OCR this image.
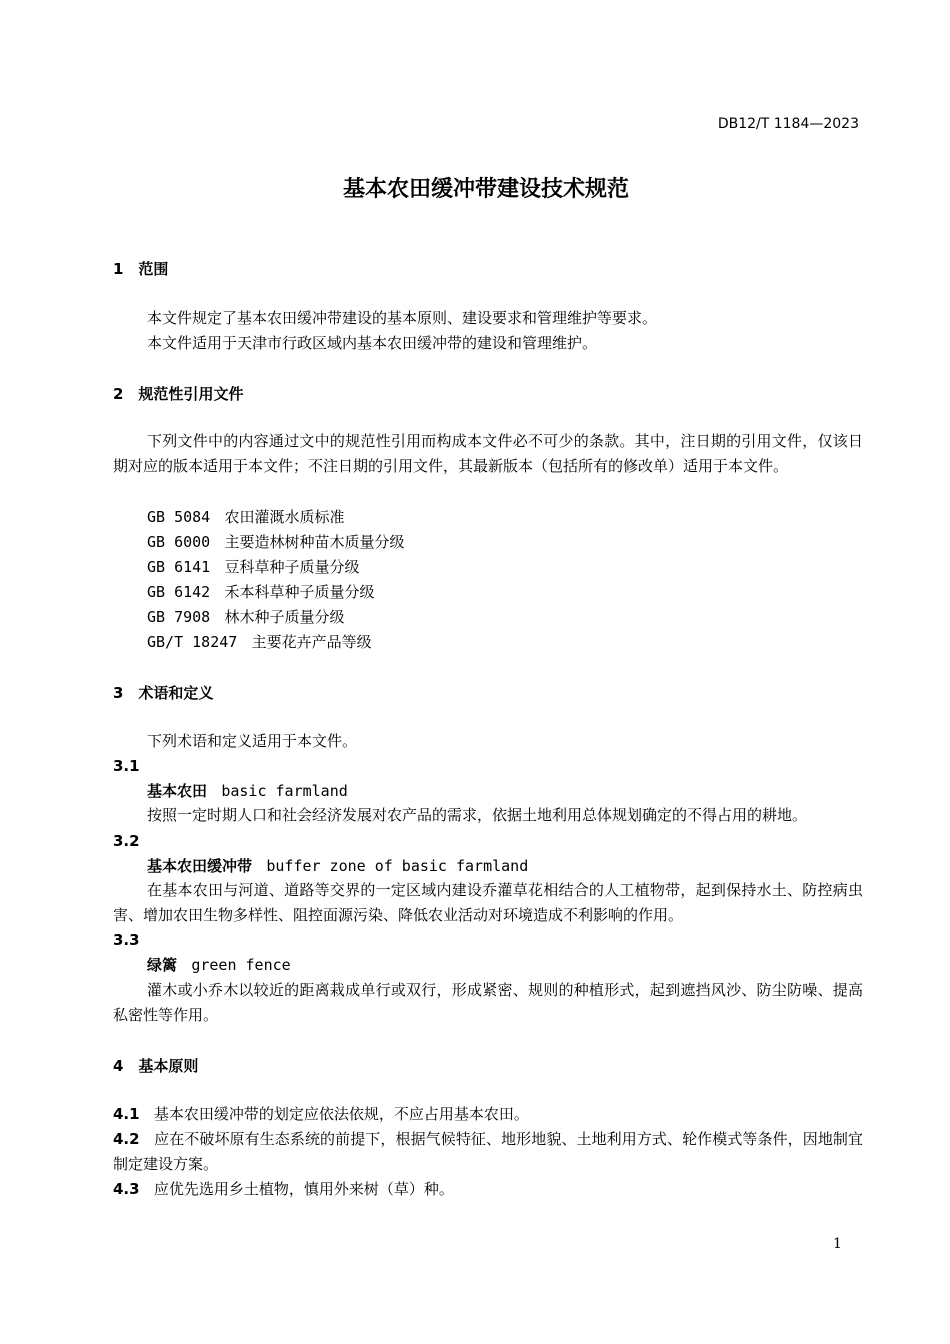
DB12/T 1184—2023
基本农田缓冲带建设技术规范
1　范围
本文件规定了基本农田缓冲带建设的基本原则、建设要求和管理维护等要求。
本文件适用于天津市行政区域内基本农田缓冲带的建设和管理维护。
2　规范性引用文件
下列文件中的内容通过文中的规范性引用而构成本文件必不可少的条款。其中，注日期的引用文件，仅该日期对应的版本适用于本文件；不注日期的引用文件，其最新版本（包括所有的修改单）适用于本文件。
GB 5084 农田灌溉水质标准
GB 6000 主要造林树种苗木质量分级
GB 6141 豆科草种子质量分级
GB 6142 禾本科草种子质量分级
GB 7908 林木种子质量分级
GB/T 18247 主要花卉产品等级
3　术语和定义
下列术语和定义适用于本文件。
3.1
基本农田 basic farmland
按照一定时期人口和社会经济发展对农产品的需求，依据土地利用总体规划确定的不得占用的耕地。
3.2
基本农田缓冲带 buffer zone of basic farmland
在基本农田与河道、道路等交界的一定区域内建设乔灌草花相结合的人工植物带，起到保持水土、防控病虫害、增加农田生物多样性、阻控面源污染、降低农业活动对环境造成不利影响的作用。
3.3
绿篱 green fence
灌木或小乔木以较近的距离栽成单行或双行，形成紧密、规则的种植形式，起到遮挡风沙、防尘防噪、提高私密性等作用。
4　基本原则
4.1 基本农田缓冲带的划定应依法依规，不应占用基本农田。
4.2 应在不破坏原有生态系统的前提下，根据气候特征、地形地貌、土地利用方式、轮作模式等条件，因地制宜制定建设方案。
4.3 应优先选用乡土植物，慎用外来树（草）种。
1
